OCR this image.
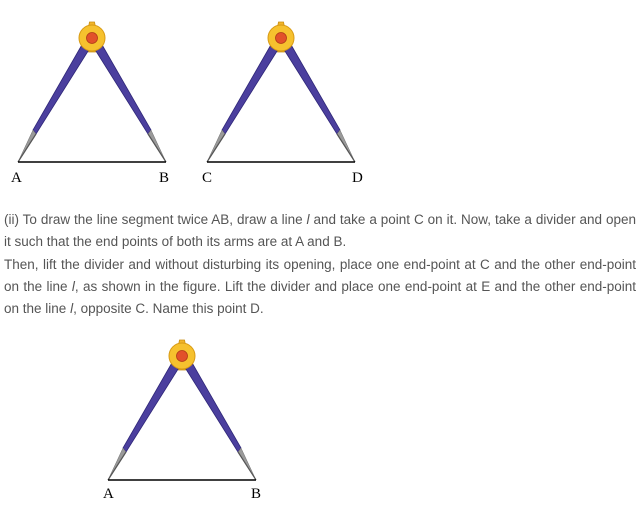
A	B C	D

(ii) To draw the line segment twice AB, draw a line l and take a point C on it. Now, take a divider and open it such that the end points of both its arms are at A and B.

Then, lift the divider and without disturbing its opening, place one end-point at C and the other end-point on the line l, as shown in the figure. Lift the divider and place one end-point at E and the other end-point on the line l, opposite C. Name this point D.

A	B
